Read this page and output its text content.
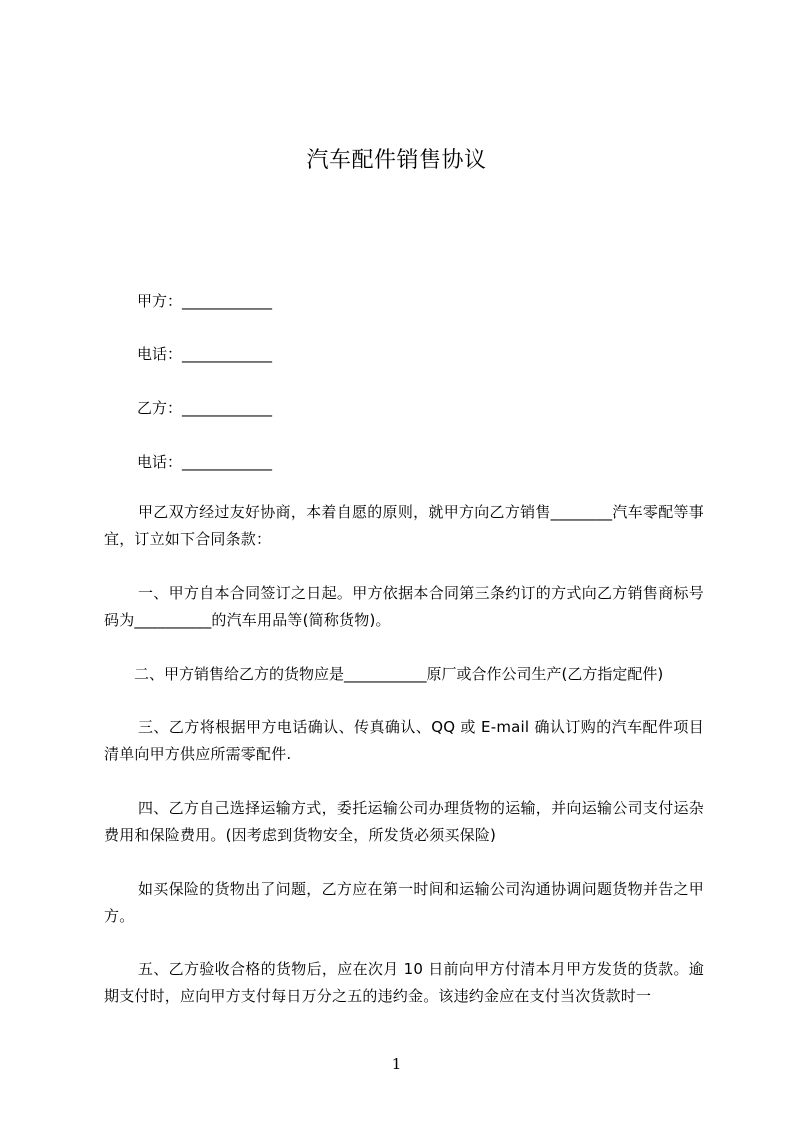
汽车配件销售协议
甲方：____________
电话：____________
乙方：____________
电话：____________
甲乙双方经过友好协商，本着自愿的原则，就甲方向乙方销售________汽车零配等事宜，订立如下合同条款：
一、甲方自本合同签订之日起。甲方依据本合同第三条约订的方式向乙方销售商标号码为__________的汽车用品等(简称货物)。
二、甲方销售给乙方的货物应是___________原厂或合作公司生产(乙方指定配件)
三、乙方将根据甲方电话确认、传真确认、QQ 或 E-mail 确认订购的汽车配件项目清单向甲方供应所需零配件.
四、乙方自己选择运输方式，委托运输公司办理货物的运输，并向运输公司支付运杂费用和保险费用。(因考虑到货物安全，所发货必须买保险)
如买保险的货物出了问题，乙方应在第一时间和运输公司沟通协调问题货物并告之甲方。
五、乙方验收合格的货物后，应在次月 10 日前向甲方付清本月甲方发货的货款。逾期支付时，应向甲方支付每日万分之五的违约金。该违约金应在支付当次货款时一
1
